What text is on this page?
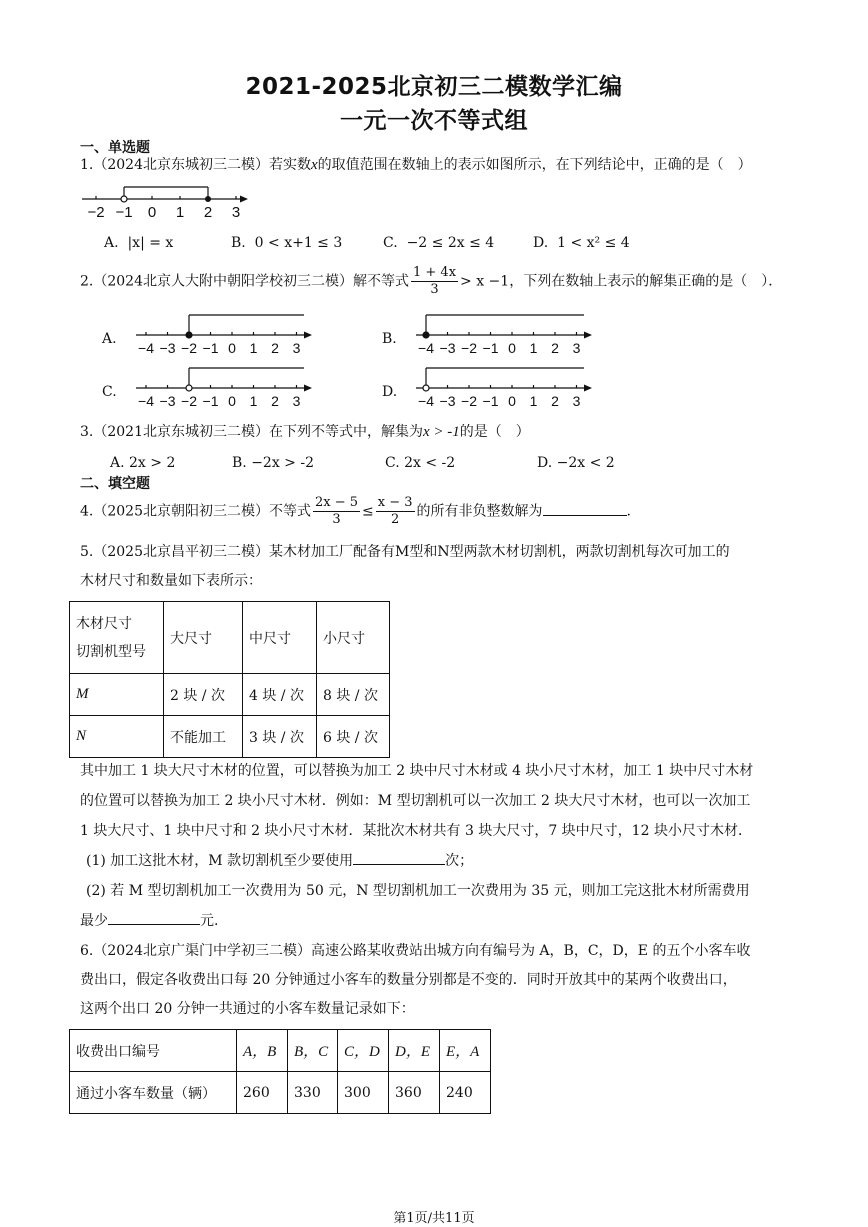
2021-2025北京初三二模数学汇编
一元一次不等式组
一、单选题
1.（2024北京东城初三二模）若实数x的取值范围在数轴上的表示如图所示，在下列结论中，正确的是（　）
−2 −1 0 1 2 3
A. |x| = x	B. 0 < x+1 ≤ 3	C. −2 ≤ 2x ≤ 4	D. 1 < x² ≤ 4
2.（2024北京人大附中朝阳学校初三二模）解不等式 $\frac{1 + 4x}{3} > x -1$，下列在数轴上表示的解集正确的是（　）．
A.
−4 −3 −2 −1 0 1 2 3
B.
−4 −3 −2 −1 0 1 2 3
C.
−4 −3 −2 −1 0 1 2 3
D.
−4 −3 −2 −1 0 1 2 3
3.（2021北京东城初三二模）在下列不等式中，解集为x > -1的是（　）
A. 2x > 2	B. −2x > -2	C. 2x < -2	D. −2x < 2
二、填空题
4.（2025北京朝阳初三二模）不等式 $\frac{2x - 5}{3} \le \frac{x - 3}{2}$ 的所有非负整数解为	.
5.（2025北京昌平初三二模）某木材加工厂配备有M型和N型两款木材切割机，两款切割机每次可加工的
木材尺寸和数量如下表所示：
木材尺寸
切割机型号	大尺寸	中尺寸	小尺寸
M	2 块 / 次	4 块 / 次	8 块 / 次
N	不能加工	3 块 / 次	6 块 / 次
其中加工 1 块大尺寸木材的位置，可以替换为加工 2 块中尺寸木材或 4 块小尺寸木材，加工 1 块中尺寸木材
的位置可以替换为加工 2 块小尺寸木材．例如：M 型切割机可以一次加工 2 块大尺寸木材，也可以一次加工
1 块大尺寸、1 块中尺寸和 2 块小尺寸木材．某批次木材共有 3 块大尺寸，7 块中尺寸，12 块小尺寸木材．
(1) 加工这批木材，M 款切割机至少要使用	次；
(2) 若 M 型切割机加工一次费用为 50 元，N 型切割机加工一次费用为 35 元，则加工完这批木材所需费用
最少	元.
6.（2024北京广渠门中学初三二模）高速公路某收费站出城方向有编号为 A，B，C，D，E 的五个小客车收
费出口，假定各收费出口每 20 分钟通过小客车的数量分别都是不变的．同时开放其中的某两个收费出口，
这两个出口 20 分钟一共通过的小客车数量记录如下：
收费出口编号	A，B	B，C	C，D	D，E	E，A
通过小客车数量（辆）	260	330	300	360	240
第1页/共11页
